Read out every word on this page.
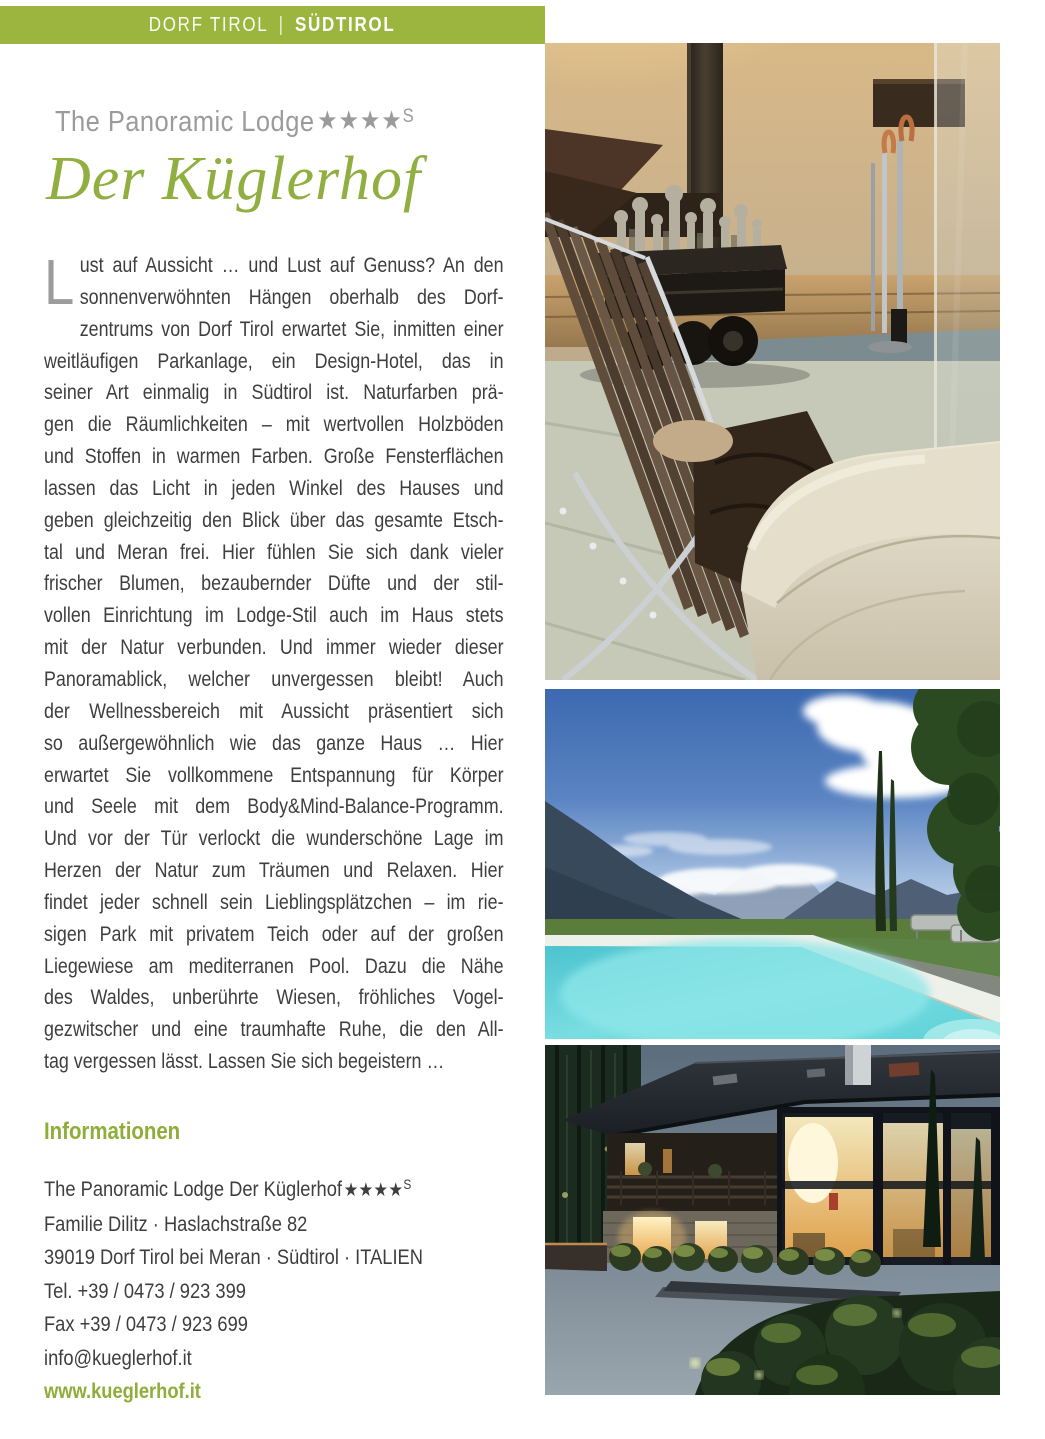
DORF TIROL | SÜDTIROL
The Panoramic Lodge ★★★★$^S$
Der Küglerhof
L ust auf Aussicht … und Lust auf Genuss? An den
sonnenverwöhnten Hängen oberhalb des Dorf-
zentrums von Dorf Tirol erwartet Sie, inmitten einer
weitläufigen Parkanlage, ein Design-Hotel, das in
seiner Art einmalig in Südtirol ist. Naturfarben prä-
gen die Räumlichkeiten – mit wertvollen Holzböden
und Stoffen in warmen Farben. Große Fensterflächen
lassen das Licht in jeden Winkel des Hauses und
geben gleichzeitig den Blick über das gesamte Etsch-
tal und Meran frei. Hier fühlen Sie sich dank vieler
frischer Blumen, bezaubernder Düfte und der stil-
vollen Einrichtung im Lodge-Stil auch im Haus stets
mit der Natur verbunden. Und immer wieder dieser
Panoramablick, welcher unvergessen bleibt! Auch
der Wellnessbereich mit Aussicht präsentiert sich
so außergewöhnlich wie das ganze Haus … Hier
erwartet Sie vollkommene Entspannung für Körper
und Seele mit dem Body&Mind-Balance-Programm.
Und vor der Tür verlockt die wunderschöne Lage im
Herzen der Natur zum Träumen und Relaxen. Hier
findet jeder schnell sein Lieblingsplätzchen – im rie-
sigen Park mit privatem Teich oder auf der großen
Liegewiese am mediterranen Pool. Dazu die Nähe
des Waldes, unberührte Wiesen, fröhliches Vogel-
gezwitscher und eine traumhafte Ruhe, die den All-
tag vergessen lässt. Lassen Sie sich begeistern …
Informationen
The Panoramic Lodge Der Küglerhof★★★★$^S$
Familie Dilitz · Haslachstraße 82
39019 Dorf Tirol bei Meran · Südtirol · ITALIEN
Tel. +39 / 0473 / 923 399
Fax +39 / 0473 / 923 699
info@kueglerhof.it
www.kueglerhof.it
